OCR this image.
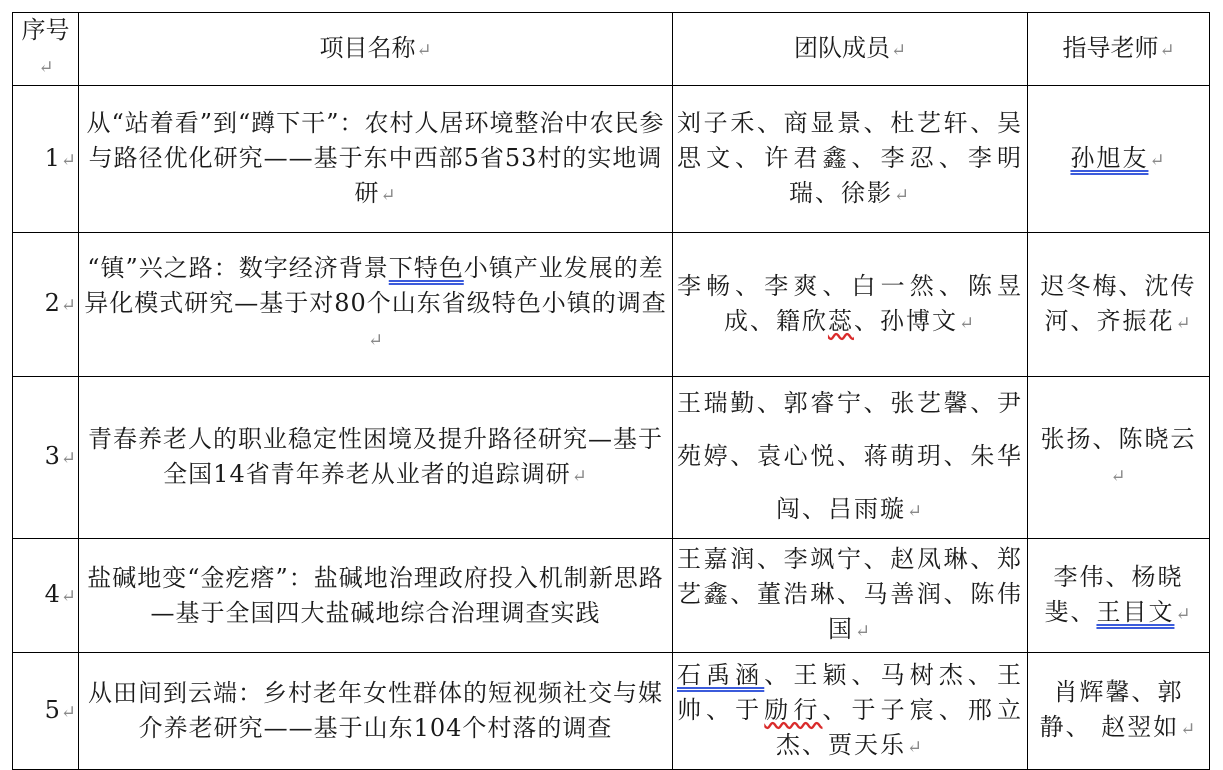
序号↵	项目名称↵	团队成员↵	指导老师↵
1↵	从“站着看”到“蹲下干”：农村人居环境整治中农民参与路径优化研究——基于东中西部5省53村的实地调研↵	刘子禾、商显景、杜艺轩、吴思文、许君鑫、李忍、李明瑞、徐影↵	孙旭友↵
2↵	“镇”兴之路：数字经济背景下特色小镇产业发展的差异化模式研究—基于对80个山东省级特色小镇的调查↵	李畅、李爽、白一然、陈昱成、籍欣蕊、孙博文↵	迟冬梅、沈传河、齐振花↵
3↵	青春养老人的职业稳定性困境及提升路径研究—基于全国14省青年养老从业者的追踪调研↵	王瑞勤、郭睿宁、张艺馨、尹苑婷、袁心悦、蒋萌玥、朱华闯、吕雨璇↵	张扬、陈晓云↵
4↵	盐碱地变“金疙瘩”：盐碱地治理政府投入机制新思路—基于全国四大盐碱地综合治理调查实践	王嘉润、李飒宁、赵凤琳、郑艺鑫、董浩琳、马善润、陈伟国↵	李伟、杨晓斐、王目文↵
5↵	从田间到云端：乡村老年女性群体的短视频社交与媒介养老研究——基于山东104个村落的调查	石禹涵、王颖、马树杰、王帅、于励行、于子宸、邢立杰、贾天乐↵	肖辉馨、郭静、 赵翌如↵
